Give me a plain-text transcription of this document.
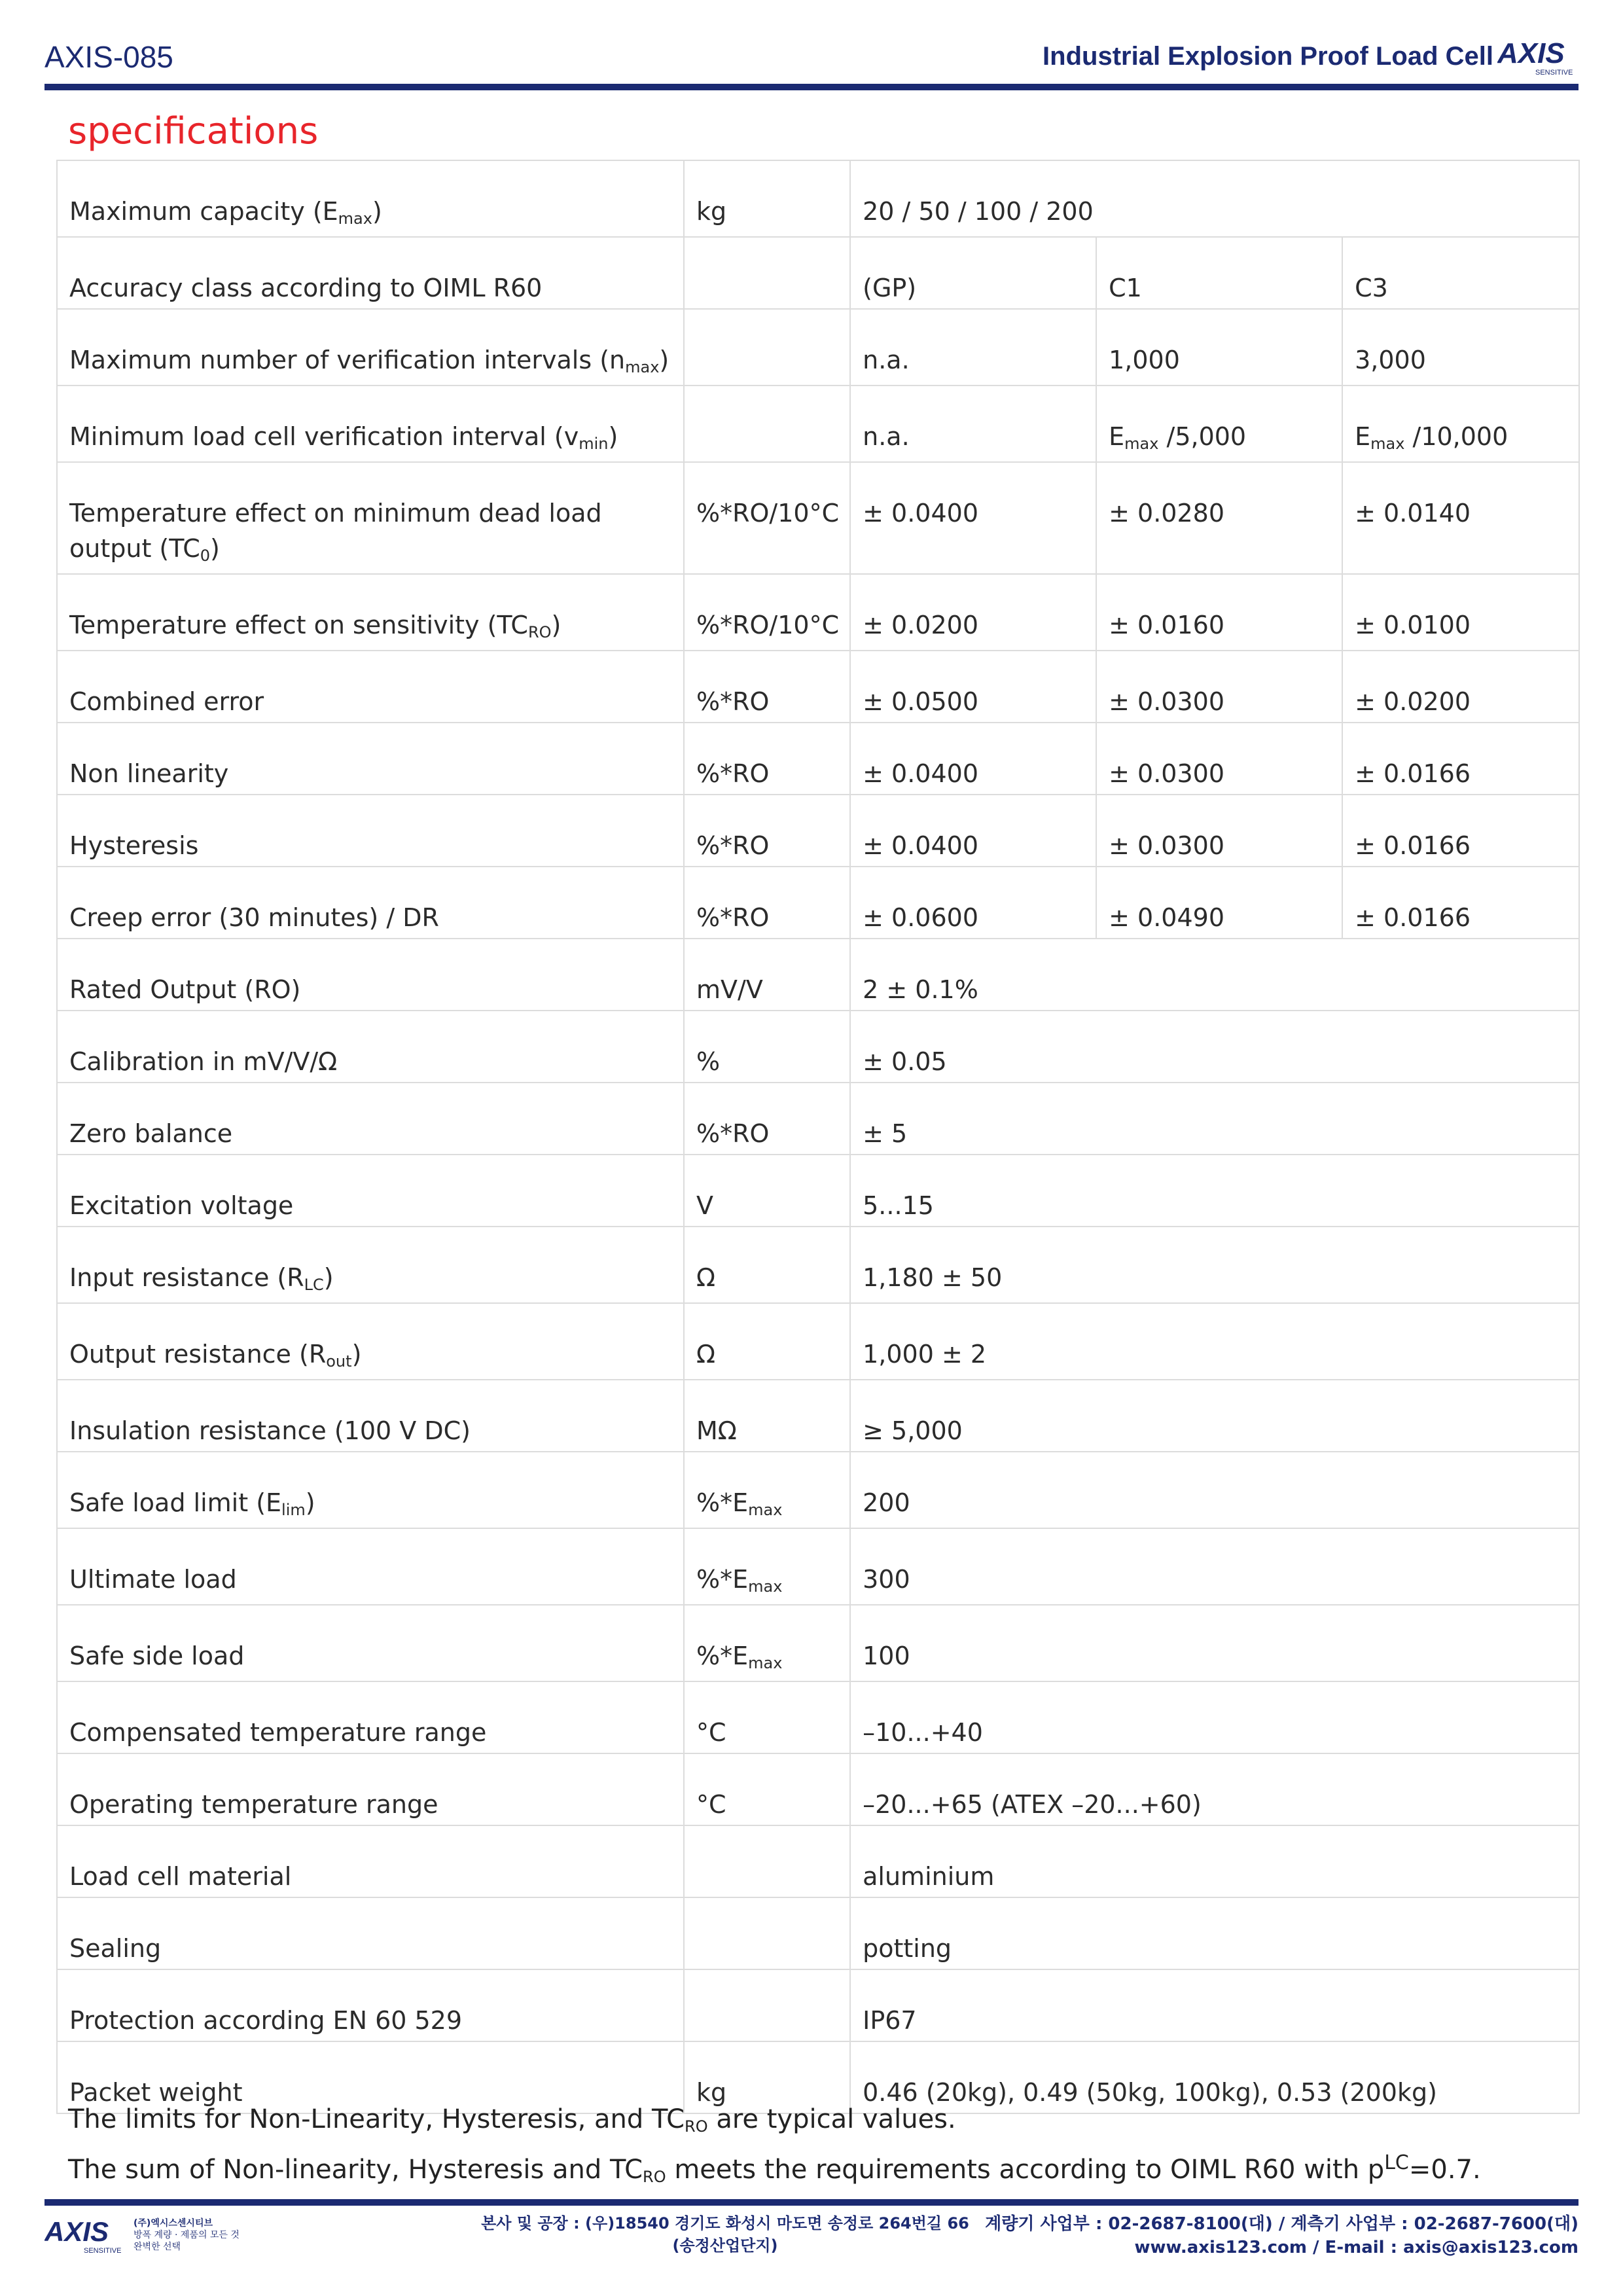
AXIS-085	Industrial Explosion Proof Load Cell AXIS
SENSITIVE
specifications
Maximum capacity $(E_{max})$	kg	20 / 50 / 100 / 200		
Accuracy class according to OIML R60		(GP)	C1	C3
Maximum number of verification intervals $(n_{max})$		n.a.	1,000	3,000
Minimum load cell verification interval $(v_{min})$		n.a.	$E_{max}$ /5,000	$E_{max}$ /10,000
Temperature effect on minimum dead load output $(TC_0)$	%*RO/10°C	± 0.0400	± 0.0280	± 0.0140
Temperature effect on sensitivity $(TC_{RO})$	%*RO/10°C	± 0.0200	± 0.0160	± 0.0100
Combined error	%*RO	± 0.0500	± 0.0300	± 0.0200
Non linearity	%*RO	± 0.0400	± 0.0300	± 0.0166
Hysteresis	%*RO	± 0.0400	± 0.0300	± 0.0166
Creep error (30 minutes) / DR	%*RO	± 0.0600	± 0.0490	± 0.0166
Rated Output (RO)	mV/V	2 ± 0.1%		
Calibration in mV/V/Ω	%	± 0.05		
Zero balance	%*RO	± 5		
Excitation voltage	V	5...15		
Input resistance $(R_{LC})$	Ω	1,180 ± 50		
Output resistance $(R_{out})$	Ω	1,000 ± 2		
Insulation resistance (100 V DC)	MΩ	≥ 5,000		
Safe load limit $(E_{lim})$	$\%*E_{max}$	200		
Ultimate load	$\%*E_{max}$	300		
Safe side load	$\%*E_{max}$	100		
Compensated temperature range	°C	–10...+40		
Operating temperature range	°C	–20...+65 (ATEX –20...+60)		
Load cell material		aluminium		
Sealing		potting		
Protection according EN 60 529		IP67		
Packet weight	kg	0.46 (20kg), 0.49 (50kg, 100kg), 0.53 (200kg)		
The limits for Non-Linearity, Hysteresis, and $TC_{RO}$ are typical values.
The sum of Non-linearity, Hysteresis and $TC_{RO}$ meets the requirements according to OIML R60 with $p^{LC}=0.7$.
AXIS
SENSITIVE
(주)엑시스센시티브
방폭 계량 · 제품의 모든 것
완벽한 선택
본사 및 공장 : (우)18540 경기도 화성시 마도면 송정로 264번길 66
(송정산업단지)
계량기 사업부 : 02-2687-8100(대) / 계측기 사업부 : 02-2687-7600(대)
www.axis123.com / E-mail : axis@axis123.com
